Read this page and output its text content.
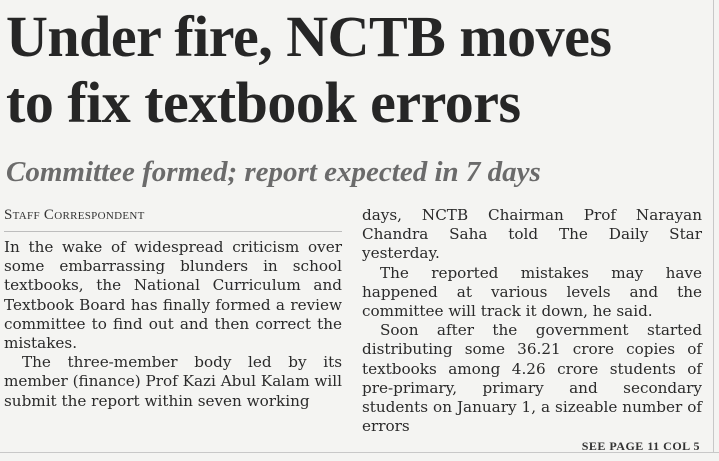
Under fire, NCTB moves
to fix textbook errors
Committee formed; report expected in 7 days
Staff Correspondent

In the wake of widespread criticism over some embarrassing blunders in school textbooks, the National Curriculum and Textbook Board has finally formed a review committee to find out and then correct the mistakes.

The three-member body led by its member (finance) Prof Kazi Abul Kalam will submit the report within seven working

days, NCTB Chairman Prof Narayan Chandra Saha told The Daily Star yesterday.

The reported mistakes may have happened at various levels and the committee will track it down, he said.

Soon after the government started distributing some 36.21 crore copies of textbooks among 4.26 crore students of pre-primary, primary and secondary students on January 1, a sizeable number of errors

SEE PAGE 11 COL 5
